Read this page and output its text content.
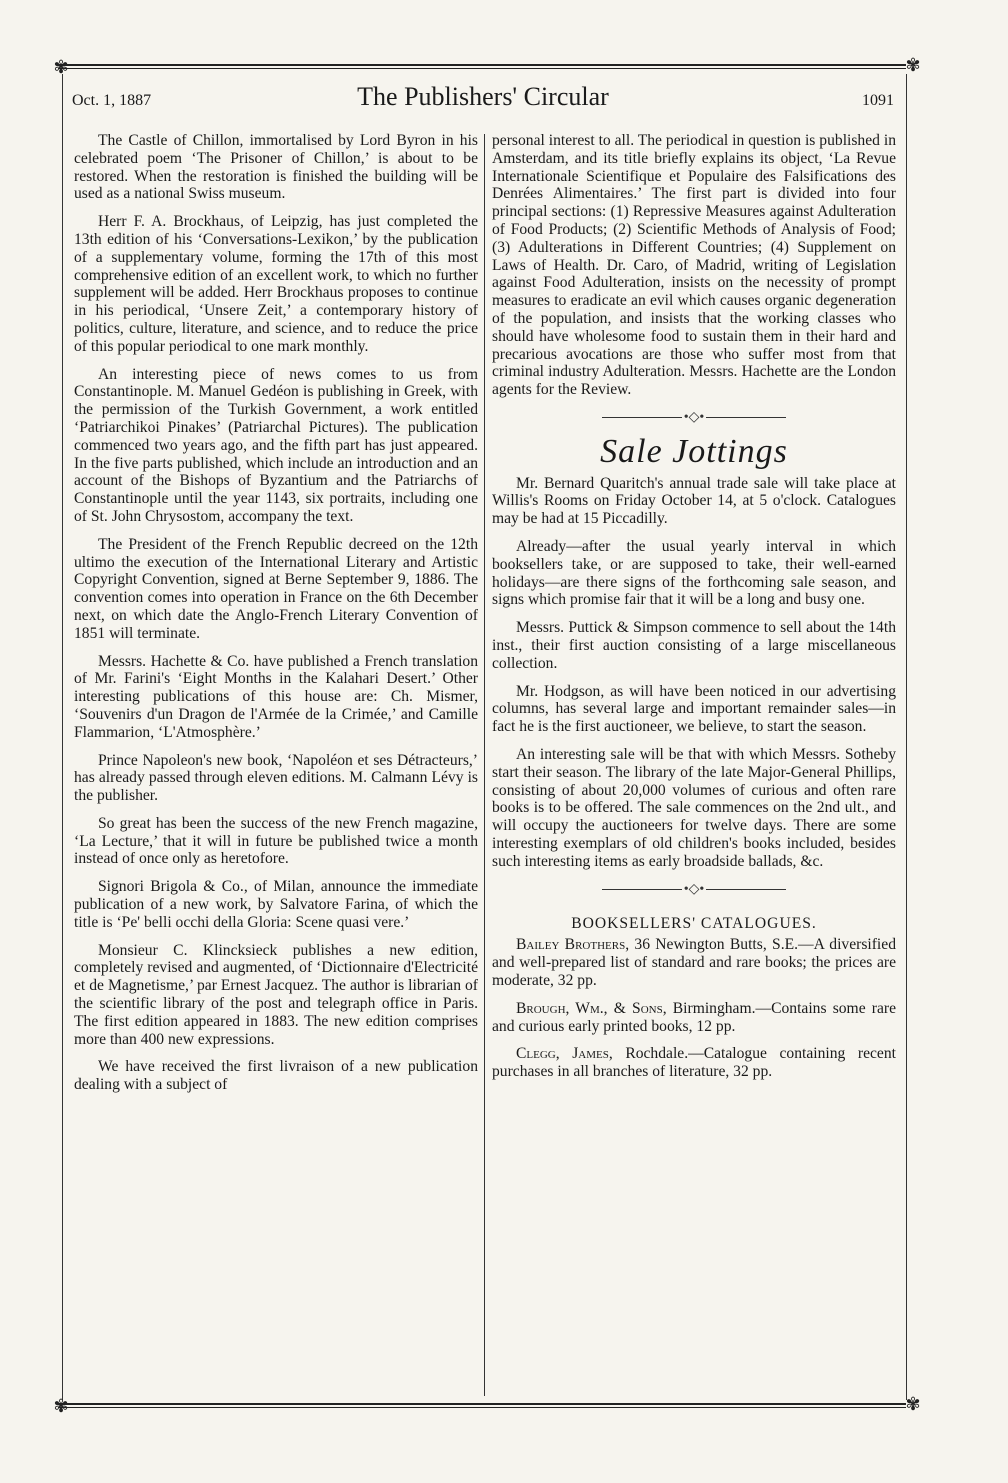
✾	✾
✾	✾
Oct. 1, 1887	The Publishers' Circular	1091

The Castle of Chillon, immortalised by Lord Byron in his celebrated poem ‘The Prisoner of Chillon,’ is about to be restored. When the restoration is finished the building will be used as a national Swiss museum.

Herr F. A. Brockhaus, of Leipzig, has just completed the 13th edition of his ‘Conversations-Lexikon,’ by the publication of a supplementary volume, forming the 17th of this most comprehensive edition of an excellent work, to which no further supplement will be added. Herr Brockhaus proposes to continue in his periodical, ‘Unsere Zeit,’ a contemporary history of politics, culture, literature, and science, and to reduce the price of this popular periodical to one mark monthly.

An interesting piece of news comes to us from Constantinople. M. Manuel Gedéon is publishing in Greek, with the permission of the Turkish Government, a work entitled ‘Patriarchikoi Pinakes’ (Patriarchal Pictures). The publication commenced two years ago, and the fifth part has just appeared. In the five parts published, which include an introduction and an account of the Bishops of Byzantium and the Patriarchs of Constantinople until the year 1143, six portraits, including one of St. John Chrysostom, accompany the text.

The President of the French Republic decreed on the 12th ultimo the execution of the International Literary and Artistic Copyright Convention, signed at Berne September 9, 1886. The convention comes into operation in France on the 6th December next, on which date the Anglo-French Literary Convention of 1851 will terminate.

Messrs. Hachette & Co. have published a French translation of Mr. Farini's ‘Eight Months in the Kalahari Desert.’ Other interesting publications of this house are: Ch. Mismer, ‘Souvenirs d'un Dragon de l'Armée de la Crimée,’ and Camille Flammarion, ‘L'Atmosphère.’

Prince Napoleon's new book, ‘Napoléon et ses Détracteurs,’ has already passed through eleven editions. M. Calmann Lévy is the publisher.

So great has been the success of the new French magazine, ‘La Lecture,’ that it will in future be published twice a month instead of once only as heretofore.

Signori Brigola & Co., of Milan, announce the immediate publication of a new work, by Salvatore Farina, of which the title is ‘Pe' belli occhi della Gloria: Scene quasi vere.’

Monsieur C. Klincksieck publishes a new edition, completely revised and augmented, of ‘Dictionnaire d'Electricité et de Magnetisme,’ par Ernest Jacquez. The author is librarian of the scientific library of the post and telegraph office in Paris. The first edition appeared in 1883. The new edition comprises more than 400 new expressions.

We have received the first livraison of a new publication dealing with a subject of

personal interest to all. The periodical in question is published in Amsterdam, and its title briefly explains its object, ‘La Revue Internationale Scientifique et Populaire des Falsifications des Denrées Alimentaires.’ The first part is divided into four principal sections: (1) Repressive Measures against Adulteration of Food Products; (2) Scientific Methods of Analysis of Food; (3) Adulterations in Different Countries; (4) Supplement on Laws of Health. Dr. Caro, of Madrid, writing of Legislation against Food Adulteration, insists on the necessity of prompt measures to eradicate an evil which causes organic degeneration of the population, and insists that the working classes who should have wholesome food to sustain them in their hard and precarious avocations are those who suffer most from that criminal industry Adulteration. Messrs. Hachette are the London agents for the Review.

•◇•
Sale Jottings

Mr. Bernard Quaritch's annual trade sale will take place at Willis's Rooms on Friday October 14, at 5 o'clock. Catalogues may be had at 15 Piccadilly.

Already—after the usual yearly interval in which booksellers take, or are supposed to take, their well-earned holidays—are there signs of the forthcoming sale season, and signs which promise fair that it will be a long and busy one.

Messrs. Puttick & Simpson commence to sell about the 14th inst., their first auction consisting of a large miscellaneous collection.

Mr. Hodgson, as will have been noticed in our advertising columns, has several large and important remainder sales—in fact he is the first auctioneer, we believe, to start the season.

An interesting sale will be that with which Messrs. Sotheby start their season. The library of the late Major-General Phillips, consisting of about 20,000 volumes of curious and often rare books is to be offered. The sale commences on the 2nd ult., and will occupy the auctioneers for twelve days. There are some interesting exemplars of old children's books included, besides such interesting items as early broadside ballads, &c.

•◇•
BOOKSELLERS' CATALOGUES.

Bailey Brothers, 36 Newington Butts, S.E.—A diversified and well-prepared list of standard and rare books; the prices are moderate, 32 pp.

Brough, Wm., & Sons, Birmingham.—Contains some rare and curious early printed books, 12 pp.

Clegg, James, Rochdale.—Catalogue containing recent purchases in all branches of literature, 32 pp.
